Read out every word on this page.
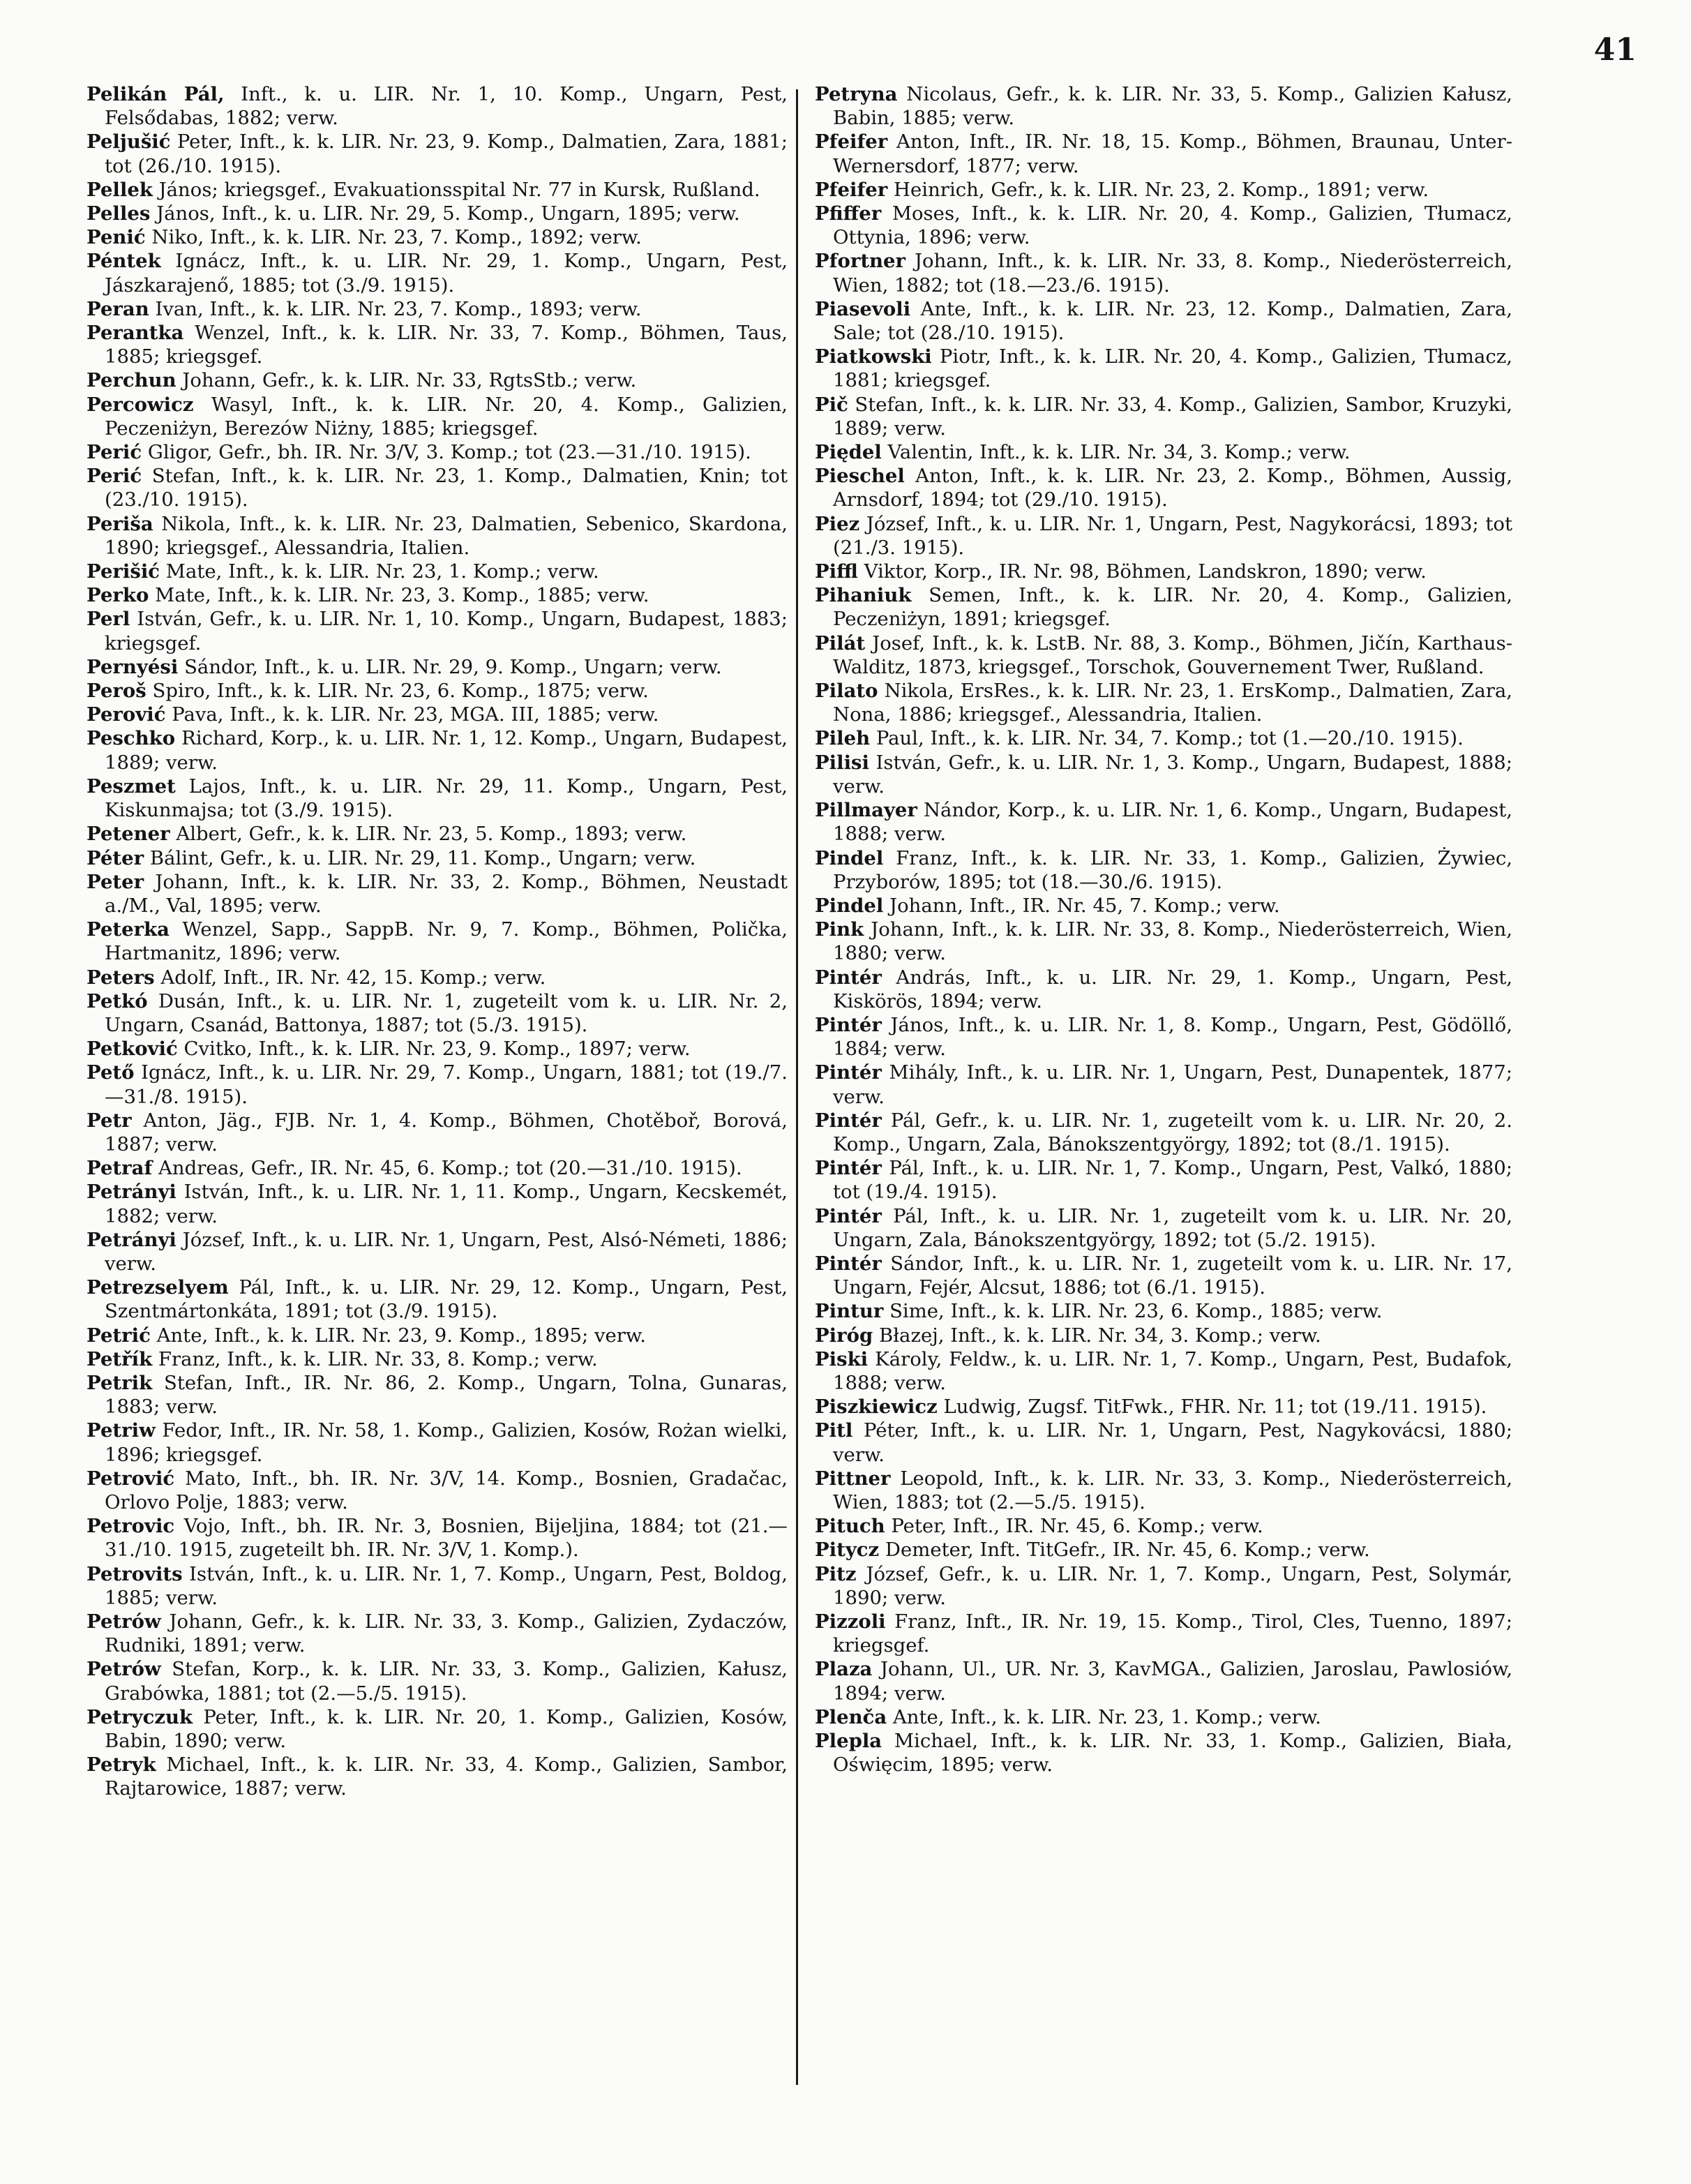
41

Pelikán Pál, Inft., k. u. LIR. Nr. 1, 10. Komp., Ungarn, Pest, Felsődabas, 1882; verw.

Peljušić Peter, Inft., k. k. LIR. Nr. 23, 9. Komp., Dalmatien, Zara, 1881; tot (26./10. 1915).

Pellek János; kriegsgef., Evakuationsspital Nr. 77 in Kursk, Rußland.

Pelles János, Inft., k. u. LIR. Nr. 29, 5. Komp., Ungarn, 1895; verw.

Penić Niko, Inft., k. k. LIR. Nr. 23, 7. Komp., 1892; verw.

Péntek Ignácz, Inft., k. u. LIR. Nr. 29, 1. Komp., Ungarn, Pest, Jászkarajenő, 1885; tot (3./9. 1915).

Peran Ivan, Inft., k. k. LIR. Nr. 23, 7. Komp., 1893; verw.

Perantka Wenzel, Inft., k. k. LIR. Nr. 33, 7. Komp., Böhmen, Taus, 1885; kriegsgef.

Perchun Johann, Gefr., k. k. LIR. Nr. 33, RgtsStb.; verw.

Percowicz Wasyl, Inft., k. k. LIR. Nr. 20, 4. Komp., Galizien, Peczeniżyn, Berezów Niżny, 1885; kriegsgef.

Perić Gligor, Gefr., bh. IR. Nr. 3/V, 3. Komp.; tot (23.—31./10. 1915).

Perić Stefan, Inft., k. k. LIR. Nr. 23, 1. Komp., Dalmatien, Knin; tot (23./10. 1915).

Periša Nikola, Inft., k. k. LIR. Nr. 23, Dalmatien, Sebenico, Skardona, 1890; kriegsgef., Alessandria, Italien.

Perišić Mate, Inft., k. k. LIR. Nr. 23, 1. Komp.; verw.

Perko Mate, Inft., k. k. LIR. Nr. 23, 3. Komp., 1885; verw.

Perl István, Gefr., k. u. LIR. Nr. 1, 10. Komp., Ungarn, Budapest, 1883; kriegsgef.

Pernyési Sándor, Inft., k. u. LIR. Nr. 29, 9. Komp., Ungarn; verw.

Peroš Spiro, Inft., k. k. LIR. Nr. 23, 6. Komp., 1875; verw.

Perović Pava, Inft., k. k. LIR. Nr. 23, MGA. III, 1885; verw.

Peschko Richard, Korp., k. u. LIR. Nr. 1, 12. Komp., Ungarn, Budapest, 1889; verw.

Peszmet Lajos, Inft., k. u. LIR. Nr. 29, 11. Komp., Ungarn, Pest, Kiskunmajsa; tot (3./9. 1915).

Petener Albert, Gefr., k. k. LIR. Nr. 23, 5. Komp., 1893; verw.

Péter Bálint, Gefr., k. u. LIR. Nr. 29, 11. Komp., Ungarn; verw.

Peter Johann, Inft., k. k. LIR. Nr. 33, 2. Komp., Böhmen, Neustadt a./M., Val, 1895; verw.

Peterka Wenzel, Sapp., SappB. Nr. 9, 7. Komp., Böhmen, Polička, Hartmanitz, 1896; verw.

Peters Adolf, Inft., IR. Nr. 42, 15. Komp.; verw.

Petkó Dusán, Inft., k. u. LIR. Nr. 1, zugeteilt vom k. u. LIR. Nr. 2, Ungarn, Csanád, Battonya, 1887; tot (5./3. 1915).

Petković Cvitko, Inft., k. k. LIR. Nr. 23, 9. Komp., 1897; verw.

Pető Ignácz, Inft., k. u. LIR. Nr. 29, 7. Komp., Ungarn, 1881; tot (19./7.—31./8. 1915).

Petr Anton, Jäg., FJB. Nr. 1, 4. Komp., Böhmen, Chotěboř, Borová, 1887; verw.

Petraf Andreas, Gefr., IR. Nr. 45, 6. Komp.; tot (20.—31./10. 1915).

Petrányi István, Inft., k. u. LIR. Nr. 1, 11. Komp., Ungarn, Kecskemét, 1882; verw.

Petrányi József, Inft., k. u. LIR. Nr. 1, Ungarn, Pest, Alsó-Németi, 1886; verw.

Petrezselyem Pál, Inft., k. u. LIR. Nr. 29, 12. Komp., Ungarn, Pest, Szentmártonkáta, 1891; tot (3./9. 1915).

Petrić Ante, Inft., k. k. LIR. Nr. 23, 9. Komp., 1895; verw.

Petřík Franz, Inft., k. k. LIR. Nr. 33, 8. Komp.; verw.

Petrik Stefan, Inft., IR. Nr. 86, 2. Komp., Ungarn, Tolna, Gunaras, 1883; verw.

Petriw Fedor, Inft., IR. Nr. 58, 1. Komp., Galizien, Kosów, Rożan wielki, 1896; kriegsgef.

Petrović Mato, Inft., bh. IR. Nr. 3/V, 14. Komp., Bosnien, Gradačac, Orlovo Polje, 1883; verw.

Petrovic Vojo, Inft., bh. IR. Nr. 3, Bosnien, Bijeljina, 1884; tot (21.—31./10. 1915, zugeteilt bh. IR. Nr. 3/V, 1. Komp.).

Petrovits István, Inft., k. u. LIR. Nr. 1, 7. Komp., Ungarn, Pest, Boldog, 1885; verw.

Petrów Johann, Gefr., k. k. LIR. Nr. 33, 3. Komp., Galizien, Zydaczów, Rudniki, 1891; verw.

Petrów Stefan, Korp., k. k. LIR. Nr. 33, 3. Komp., Galizien, Kałusz, Grabówka, 1881; tot (2.—5./5. 1915).

Petryczuk Peter, Inft., k. k. LIR. Nr. 20, 1. Komp., Galizien, Kosów, Babin, 1890; verw.

Petryk Michael, Inft., k. k. LIR. Nr. 33, 4. Komp., Galizien, Sambor, Rajtarowice, 1887; verw.

Petryna Nicolaus, Gefr., k. k. LIR. Nr. 33, 5. Komp., Galizien Kałusz, Babin, 1885; verw.

Pfeifer Anton, Inft., IR. Nr. 18, 15. Komp., Böhmen, Braunau, Unter-Wernersdorf, 1877; verw.

Pfeifer Heinrich, Gefr., k. k. LIR. Nr. 23, 2. Komp., 1891; verw.

Pfiffer Moses, Inft., k. k. LIR. Nr. 20, 4. Komp., Galizien, Tłumacz, Ottynia, 1896; verw.

Pfortner Johann, Inft., k. k. LIR. Nr. 33, 8. Komp., Niederösterreich, Wien, 1882; tot (18.—23./6. 1915).

Piasevoli Ante, Inft., k. k. LIR. Nr. 23, 12. Komp., Dalmatien, Zara, Sale; tot (28./10. 1915).

Piatkowski Piotr, Inft., k. k. LIR. Nr. 20, 4. Komp., Galizien, Tłumacz, 1881; kriegsgef.

Pič Stefan, Inft., k. k. LIR. Nr. 33, 4. Komp., Galizien, Sambor, Kruzyki, 1889; verw.

Piędel Valentin, Inft., k. k. LIR. Nr. 34, 3. Komp.; verw.

Pieschel Anton, Inft., k. k. LIR. Nr. 23, 2. Komp., Böhmen, Aussig, Arnsdorf, 1894; tot (29./10. 1915).

Piez József, Inft., k. u. LIR. Nr. 1, Ungarn, Pest, Nagykorácsi, 1893; tot (21./3. 1915).

Piffl Viktor, Korp., IR. Nr. 98, Böhmen, Landskron, 1890; verw.

Pihaniuk Semen, Inft., k. k. LIR. Nr. 20, 4. Komp., Galizien, Peczeniżyn, 1891; kriegsgef.

Pilát Josef, Inft., k. k. LstB. Nr. 88, 3. Komp., Böhmen, Jičín, Karthaus-Walditz, 1873, kriegsgef., Torschok, Gouvernement Twer, Rußland.

Pilato Nikola, ErsRes., k. k. LIR. Nr. 23, 1. ErsKomp., Dalmatien, Zara, Nona, 1886; kriegsgef., Alessandria, Italien.

Pileh Paul, Inft., k. k. LIR. Nr. 34, 7. Komp.; tot (1.—20./10. 1915).

Pilisi István, Gefr., k. u. LIR. Nr. 1, 3. Komp., Ungarn, Budapest, 1888; verw.

Pillmayer Nándor, Korp., k. u. LIR. Nr. 1, 6. Komp., Ungarn, Budapest, 1888; verw.

Pindel Franz, Inft., k. k. LIR. Nr. 33, 1. Komp., Galizien, Żywiec, Przyborów, 1895; tot (18.—30./6. 1915).

Pindel Johann, Inft., IR. Nr. 45, 7. Komp.; verw.

Pink Johann, Inft., k. k. LIR. Nr. 33, 8. Komp., Niederösterreich, Wien, 1880; verw.

Pintér András, Inft., k. u. LIR. Nr. 29, 1. Komp., Ungarn, Pest, Kiskörös, 1894; verw.

Pintér János, Inft., k. u. LIR. Nr. 1, 8. Komp., Ungarn, Pest, Gödöllő, 1884; verw.

Pintér Mihály, Inft., k. u. LIR. Nr. 1, Ungarn, Pest, Dunapentek, 1877; verw.

Pintér Pál, Gefr., k. u. LIR. Nr. 1, zugeteilt vom k. u. LIR. Nr. 20, 2. Komp., Ungarn, Zala, Bánokszentgyörgy, 1892; tot (8./1. 1915).

Pintér Pál, Inft., k. u. LIR. Nr. 1, 7. Komp., Ungarn, Pest, Valkó, 1880; tot (19./4. 1915).

Pintér Pál, Inft., k. u. LIR. Nr. 1, zugeteilt vom k. u. LIR. Nr. 20, Ungarn, Zala, Bánokszentgyörgy, 1892; tot (5./2. 1915).

Pintér Sándor, Inft., k. u. LIR. Nr. 1, zugeteilt vom k. u. LIR. Nr. 17, Ungarn, Fejér, Alcsut, 1886; tot (6./1. 1915).

Pintur Sime, Inft., k. k. LIR. Nr. 23, 6. Komp., 1885; verw.

Piróg Błazej, Inft., k. k. LIR. Nr. 34, 3. Komp.; verw.

Piski Károly, Feldw., k. u. LIR. Nr. 1, 7. Komp., Ungarn, Pest, Budafok, 1888; verw.

Piszkiewicz Ludwig, Zugsf. TitFwk., FHR. Nr. 11; tot (19./11. 1915).

Pitl Péter, Inft., k. u. LIR. Nr. 1, Ungarn, Pest, Nagykovácsi, 1880; verw.

Pittner Leopold, Inft., k. k. LIR. Nr. 33, 3. Komp., Niederösterreich, Wien, 1883; tot (2.—5./5. 1915).

Pituch Peter, Inft., IR. Nr. 45, 6. Komp.; verw.

Pitycz Demeter, Inft. TitGefr., IR. Nr. 45, 6. Komp.; verw.

Pitz József, Gefr., k. u. LIR. Nr. 1, 7. Komp., Ungarn, Pest, Solymár, 1890; verw.

Pizzoli Franz, Inft., IR. Nr. 19, 15. Komp., Tirol, Cles, Tuenno, 1897; kriegsgef.

Plaza Johann, Ul., UR. Nr. 3, KavMGA., Galizien, Jaroslau, Pawlosiów, 1894; verw.

Plenča Ante, Inft., k. k. LIR. Nr. 23, 1. Komp.; verw.

Plepla Michael, Inft., k. k. LIR. Nr. 33, 1. Komp., Galizien, Biała, Oświęcim, 1895; verw.
